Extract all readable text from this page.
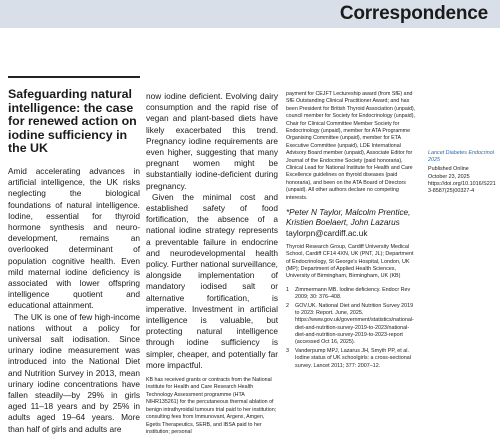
Correspondence
Safeguarding natural intelligence: the case for renewed action on iodine sufficiency in the UK

Amid accelerating advances in artificial intelligence, the UK risks neglecting the biological foundations of natural intelligence. Iodine, essential for thyroid hormone synthesis and neuro-development, remains an overlooked determinant of population cognitive health. Even mild maternal iodine deficiency is associated with lower offspring intelligence quotient and educational attainment.

The UK is one of few high-income nations without a policy for universal salt iodisation. Since urinary iodine measurement was introduced into the National Diet and Nutrition Survey in 2013, mean urinary iodine concentrations have fallen steadily—by 29% in girls aged 11–18 years and by 25% in adults aged 19–64 years. More than half of girls and adults are

now iodine deficient. Evolving dairy consumption and the rapid rise of vegan and plant-based diets have likely exacerbated this trend. Pregnancy iodine requirements are even higher, suggesting that many pregnant women might be substantially iodine-deficient during pregnancy.

Given the minimal cost and established safety of food fortification, the absence of a national iodine strategy represents a preventable failure in endocrine and neurodevelopmental health policy. Further national surveillance, alongside implementation of mandatory iodised salt or alternative fortification, is imperative. Investment in artificial intelligence is valuable, but protecting natural intelligence through iodine sufficiency is simpler, cheaper, and potentially far more impactful.

KB has received grants or contracts from the National Institute for Health and Care Research Health Technology Assessment programme (HTA NIHR135261) for the percutaneous thermal ablation of benign intrathyroidal tumours trial paid to her institution; consulting fees from Immunovant, Argenx, Amgen, Egetis Therapeutics, SERB, and IBSA paid to her institution; personal

payment for CEJFT Lectureship award (from SfE) and SfE Outstanding Clinical Practitioner Award; and has been President for British Thyroid Association (unpaid), council member for Society for Endocrinology (unpaid), Chair for Clinical Committee Member Society for Endocrinology (unpaid), member for ATA Programme Organising Committee (unpaid), member for ETA Executive Committee (unpaid), LDE International Advisory Board member (unpaid), Associate Editor for Journal of the Endocrine Society (paid honoraria), Clinical Lead for National Institute for Health and Care Excellence guidelines on thyroid diseases (paid honoraria), and been on the ATA Board of Directors (unpaid). All other authors declare no competing interests.

*Peter N Taylor, Malcolm Prentice, Kristien Boelaert, John Lazarus

taylorpn@cardiff.ac.uk

Thyroid Research Group, Cardiff University Medical School, Cardiff CF14 4XN, UK (PNT, JL); Department of Endocrinology, St George's Hospital, London, UK (MP); Department of Applied Health Sciences, University of Birmingham, Birmingham, UK (KB)

1	Zimmermann MB. Iodine deficiency. Endocr Rev 2009; 30: 376–408.
2	GOV.UK. National Diet and Nutrition Survey 2019 to 2023: Report. June, 2025. https://www.gov.uk/government/statistics/national-diet-and-nutrition-survey-2019-to-2023/national-diet-and-nutrition-survey-2019-to-2023-report (accessed Oct 16, 2025).
3	Vanderpump MPJ, Lazarus JH, Smyth PP, et al. Iodine status of UK schoolgirls: a cross-sectional survey. Lancet 2011; 377: 2007–12.

Lancet Diabetes Endocrinol 2025

Published Online

October 23, 2025

https://doi.org/10.1016/S2213-8587(25)00327-4
